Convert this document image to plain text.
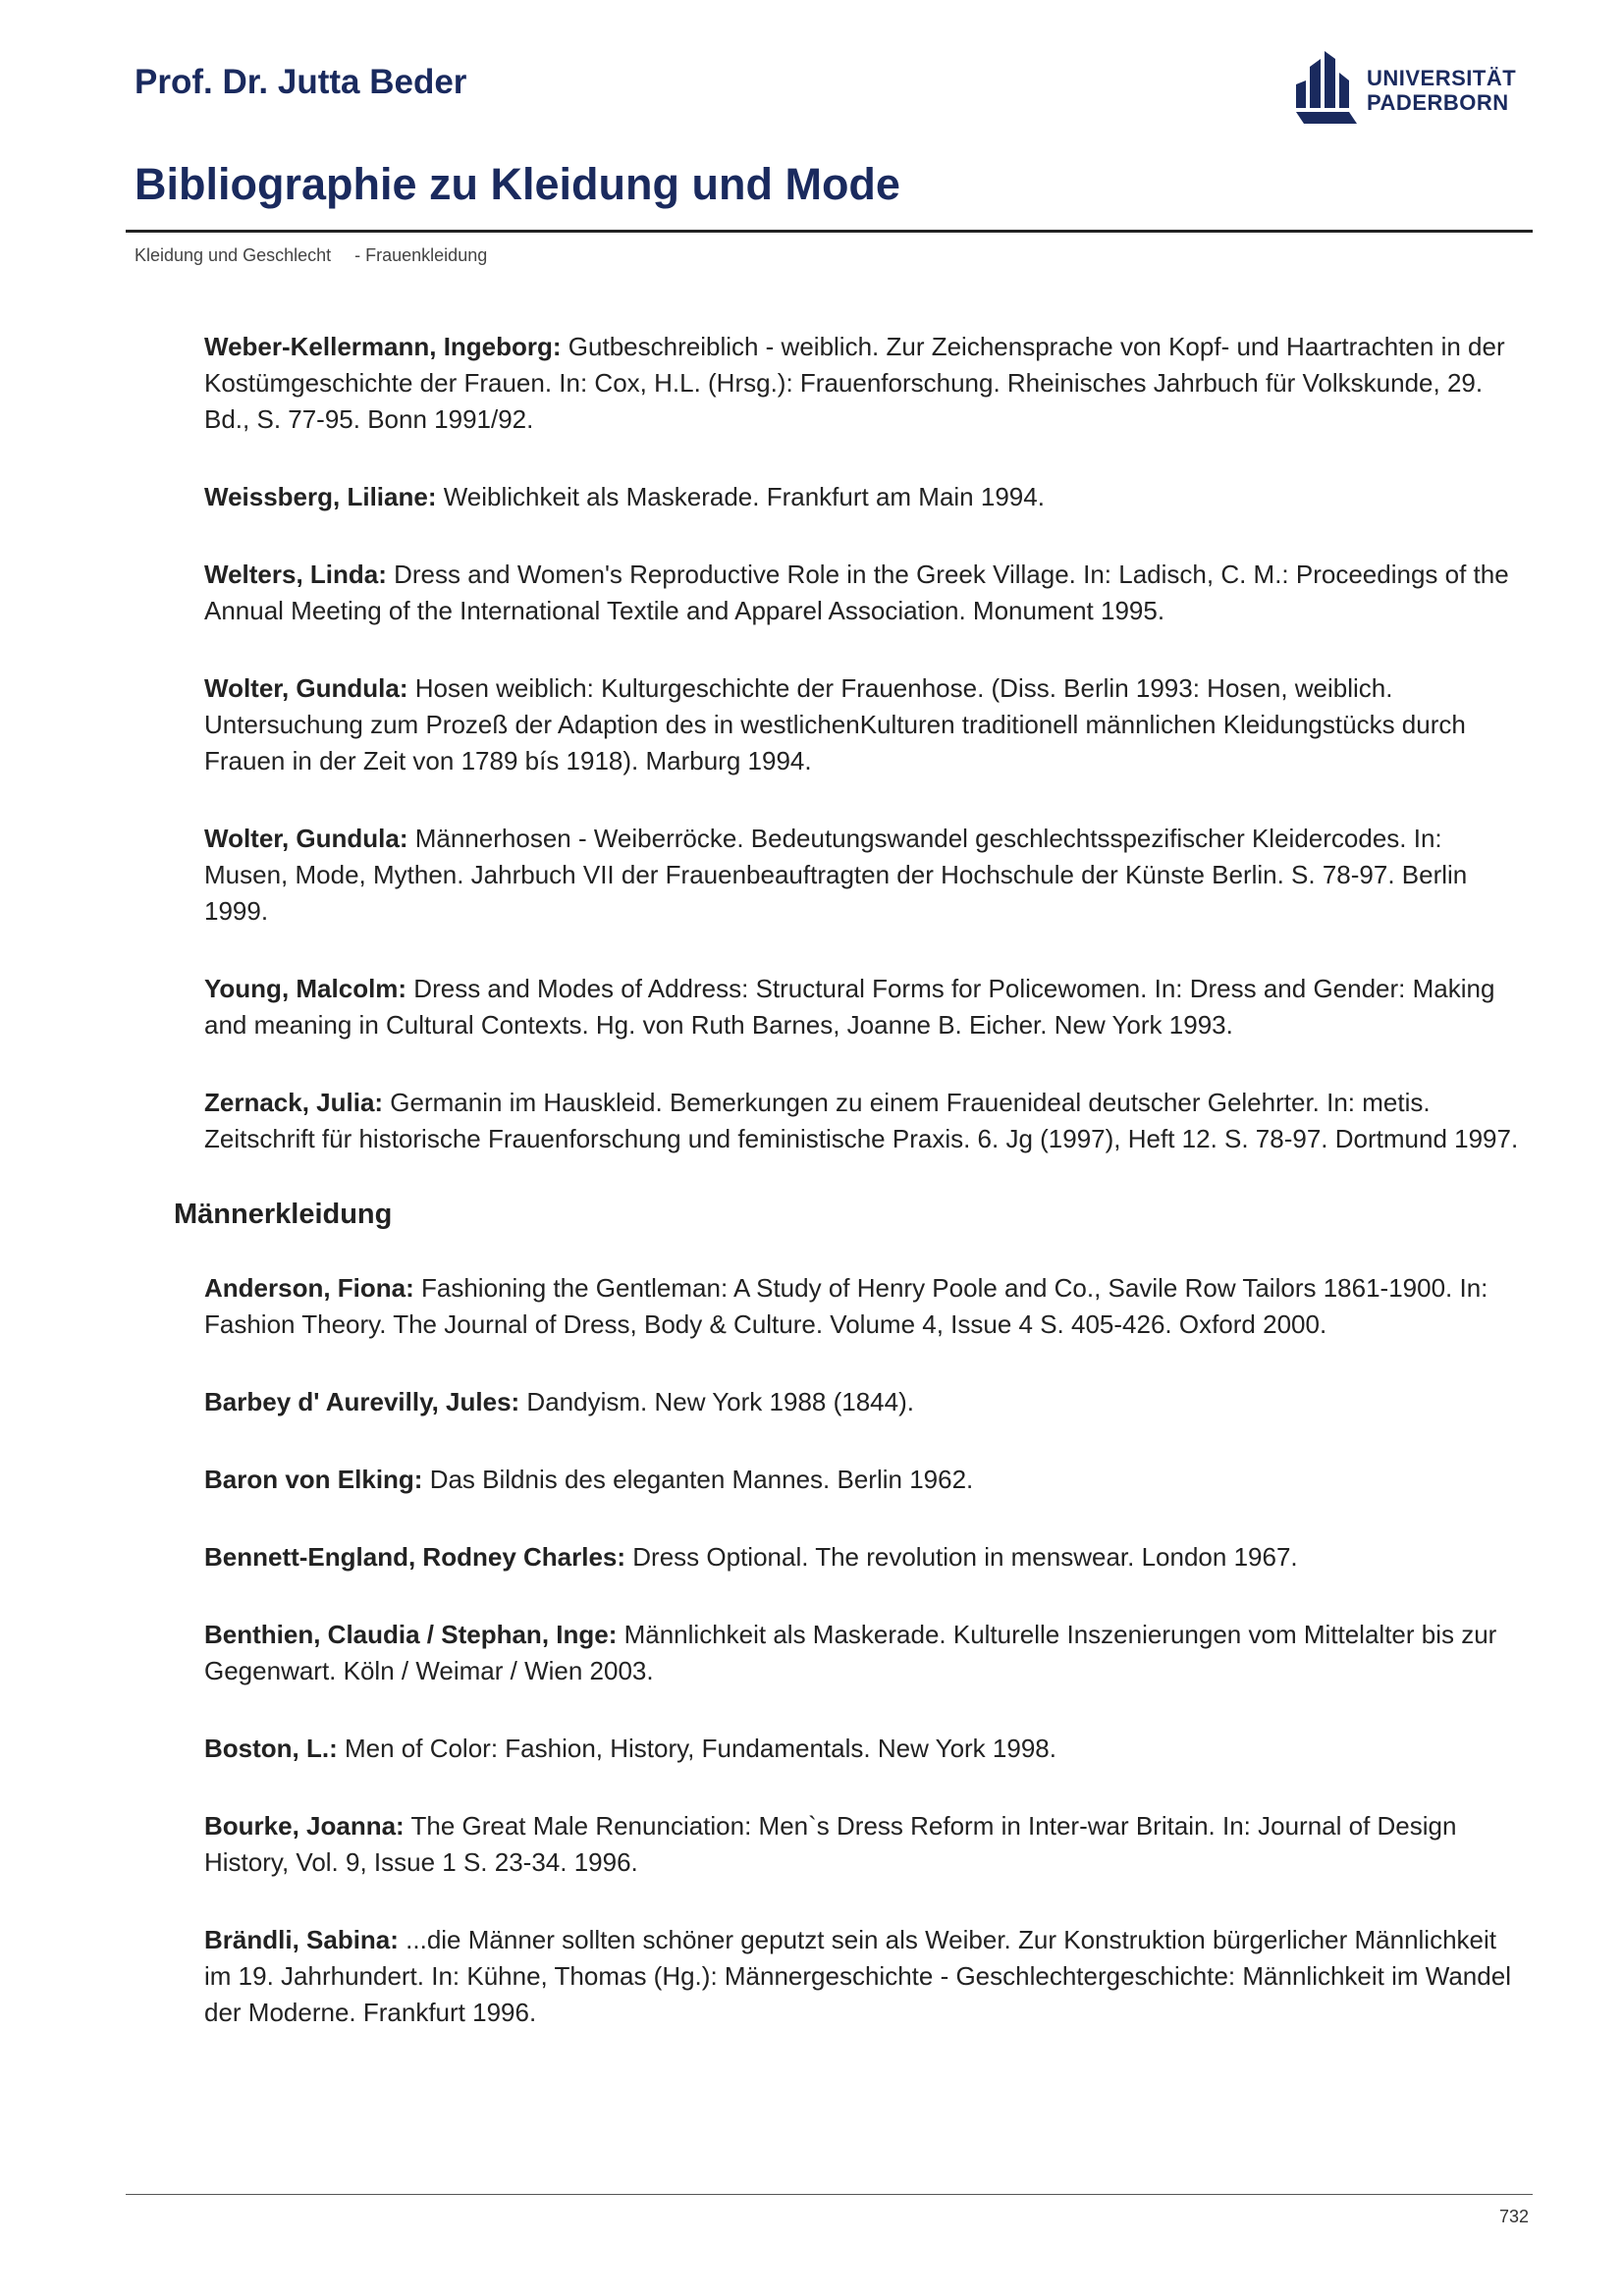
Prof. Dr. Jutta Beder	UNIVERSITÄT
PADERBORN
Bibliographie zu Kleidung und Mode
Kleidung und Geschlecht - Frauenkleidung

Weber-Kellermann, Ingeborg: Gutbeschreiblich - weiblich. Zur Zeichensprache von Kopf- und Haartrachten in der Kostümgeschichte der Frauen. In: Cox, H.L. (Hrsg.): Frauenforschung. Rheinisches Jahrbuch für Volkskunde, 29. Bd., S. 77-95. Bonn 1991/92.

Weissberg, Liliane: Weiblichkeit als Maskerade. Frankfurt am Main 1994.

Welters, Linda: Dress and Women's Reproductive Role in the Greek Village. In: Ladisch, C. M.: Proceedings of the Annual Meeting of the International Textile and Apparel Association. Monument 1995.

Wolter, Gundula: Hosen weiblich: Kulturgeschichte der Frauenhose. (Diss. Berlin 1993: Hosen, weiblich. Untersuchung zum Prozeß der Adaption des in westlichenKulturen traditionell männlichen Kleidungstücks durch Frauen in der Zeit von 1789 bís 1918). Marburg 1994.

Wolter, Gundula: Männerhosen - Weiberröcke. Bedeutungswandel geschlechtsspezifischer Kleidercodes. In: Musen, Mode, Mythen. Jahrbuch VII der Frauenbeauftragten der Hochschule der Künste Berlin. S. 78-97. Berlin 1999.

Young, Malcolm: Dress and Modes of Address: Structural Forms for Policewomen. In: Dress and Gender: Making and meaning in Cultural Contexts. Hg. von Ruth Barnes, Joanne B. Eicher. New York 1993.

Zernack, Julia: Germanin im Hauskleid. Bemerkungen zu einem Frauenideal deutscher Gelehrter. In: metis. Zeitschrift für historische Frauenforschung und feministische Praxis. 6. Jg (1997), Heft 12. S. 78-97. Dortmund 1997.

Männerkleidung

Anderson, Fiona: Fashioning the Gentleman: A Study of Henry Poole and Co., Savile Row Tailors 1861-1900. In: Fashion Theory. The Journal of Dress, Body & Culture. Volume 4, Issue 4 S. 405-426. Oxford 2000.

Barbey d' Aurevilly, Jules: Dandyism. New York 1988 (1844).

Baron von Elking: Das Bildnis des eleganten Mannes. Berlin 1962.

Bennett-England, Rodney Charles: Dress Optional. The revolution in menswear. London 1967.

Benthien, Claudia / Stephan, Inge: Männlichkeit als Maskerade. Kulturelle Inszenierungen vom Mittelalter bis zur Gegenwart. Köln / Weimar / Wien 2003.

Boston, L.: Men of Color: Fashion, History, Fundamentals. New York 1998.

Bourke, Joanna: The Great Male Renunciation: Men`s Dress Reform in Inter-war Britain. In: Journal of Design History, Vol. 9, Issue 1 S. 23-34. 1996.

Brändli, Sabina: ...die Männer sollten schöner geputzt sein als Weiber. Zur Konstruktion bürgerlicher Männlichkeit im 19. Jahrhundert. In: Kühne, Thomas (Hg.): Männergeschichte - Geschlechtergeschichte: Männlichkeit im Wandel der Moderne. Frankfurt 1996.

732
